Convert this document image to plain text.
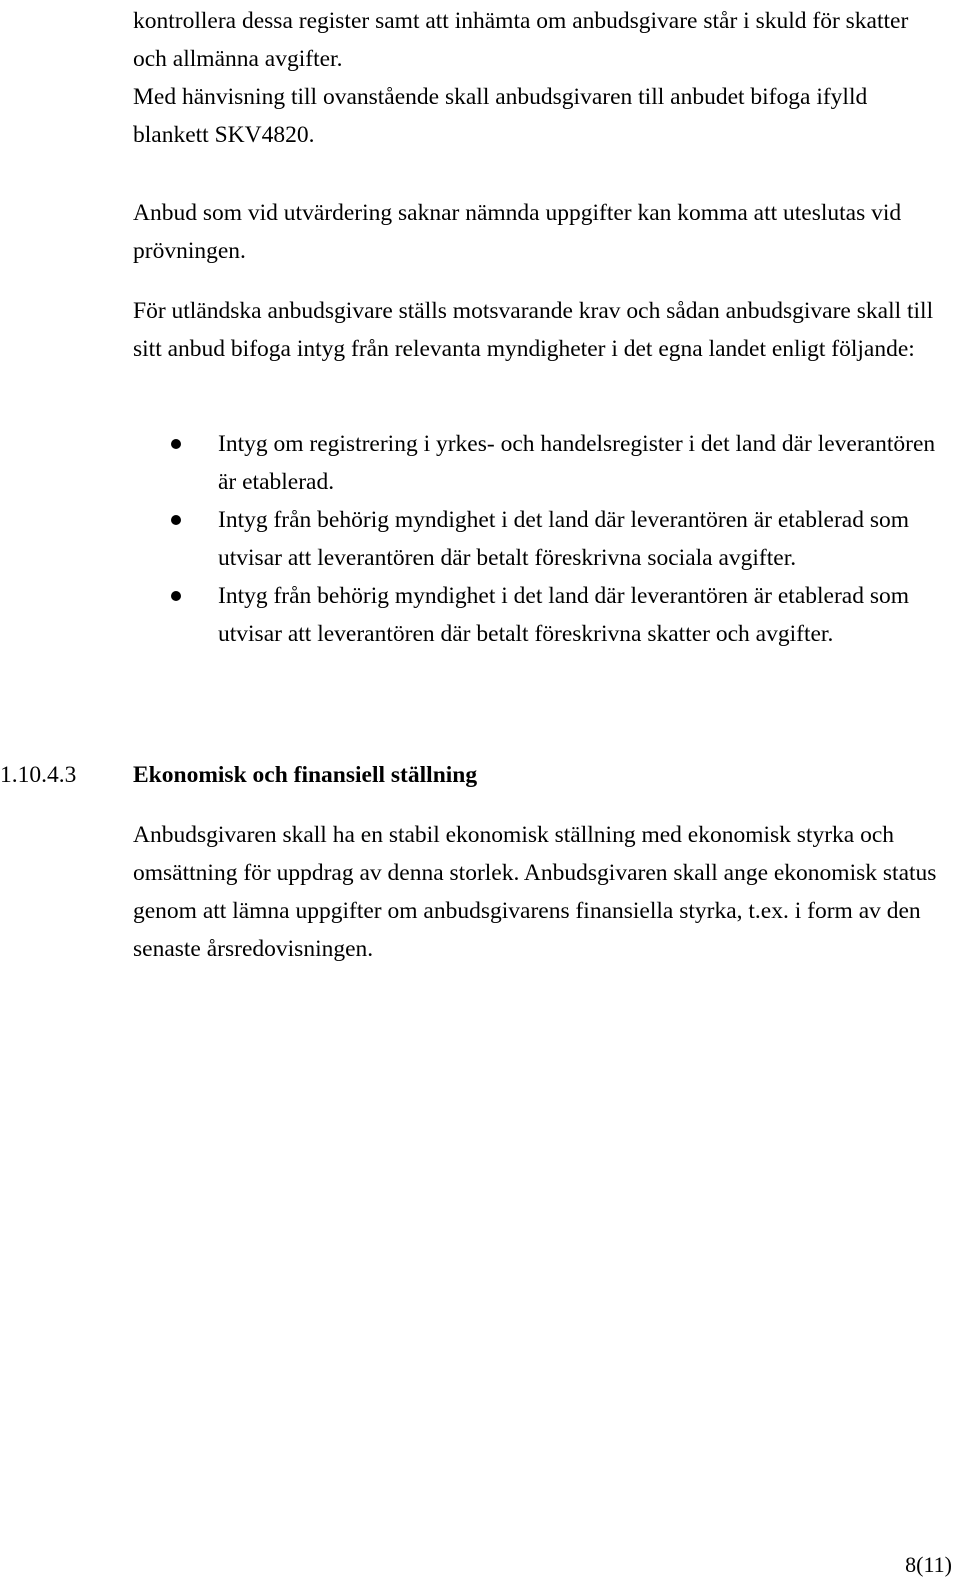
kontrollera dessa register samt att inhämta om anbudsgivare står i skuld för skatter och allmänna avgifter.

Med hänvisning till ovanstående skall anbudsgivaren till anbudet bifoga ifylld blankett SKV4820.

Anbud som vid utvärdering saknar nämnda uppgifter kan komma att uteslutas vid prövningen.

För utländska anbudsgivare ställs motsvarande krav och sådan anbudsgivare skall till sitt anbud bifoga intyg från relevanta myndigheter i det egna landet enligt följande:

Intyg om registrering i yrkes- och handelsregister i det land där leverantören är etablerad.
Intyg från behörig myndighet i det land där leverantören är etablerad som utvisar att leverantören där betalt föreskrivna sociala avgifter.
Intyg från behörig myndighet i det land där leverantören är etablerad som utvisar att leverantören där betalt föreskrivna skatter och avgifter.
1.10.4.3 Ekonomisk och finansiell ställning

Anbudsgivaren skall ha en stabil ekonomisk ställning med ekonomisk styrka och omsättning för uppdrag av denna storlek. Anbudsgivaren skall ange ekonomisk status genom att lämna uppgifter om anbudsgivarens finansiella styrka, t.ex. i form av den senaste årsredovisningen.

8(11)
